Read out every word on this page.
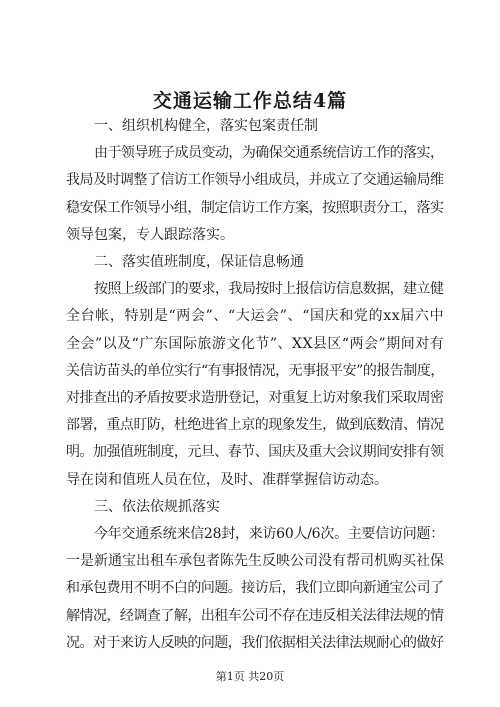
交通运输工作总结4篇
一、组织机构健全，落实包案责任制
由于领导班子成员变动，为确保交通系统信访工作的落实，
我局及时调整了信访工作领导小组成员，并成立了交通运输局维
稳安保工作领导小组，制定信访工作方案，按照职责分工，落实
领导包案，专人跟踪落实。
二、落实值班制度，保证信息畅通
按照上级部门的要求，我局按时上报信访信息数据，建立健
全台帐，特别是“两会”、“大运会”、“国庆和党的xx届六中
全会”以及“广东国际旅游文化节”、XX县区“两会”期间对有
关信访苗头的单位实行“有事报情况，无事报平安”的报告制度，
对排查出的矛盾按要求造册登记，对重复上访对象我们采取周密
部署，重点盯防，杜绝进省上京的现象发生，做到底数清、情况
明。加强值班制度，元旦、春节、国庆及重大会议期间安排有领
导在岗和值班人员在位，及时、准群掌握信访动态。
三、依法依规抓落实
今年交通系统来信28封，来访60人/6次。主要信访问题：
一是新通宝出租车承包者陈先生反映公司没有帮司机购买社保
和承包费用不明不白的问题。接访后，我们立即向新通宝公司了
解情况，经调查了解，出租车公司不存在违反相关法律法规的情
况。对于来访人反映的问题，我们依据相关法律法规耐心的做好
第1页 共20页
